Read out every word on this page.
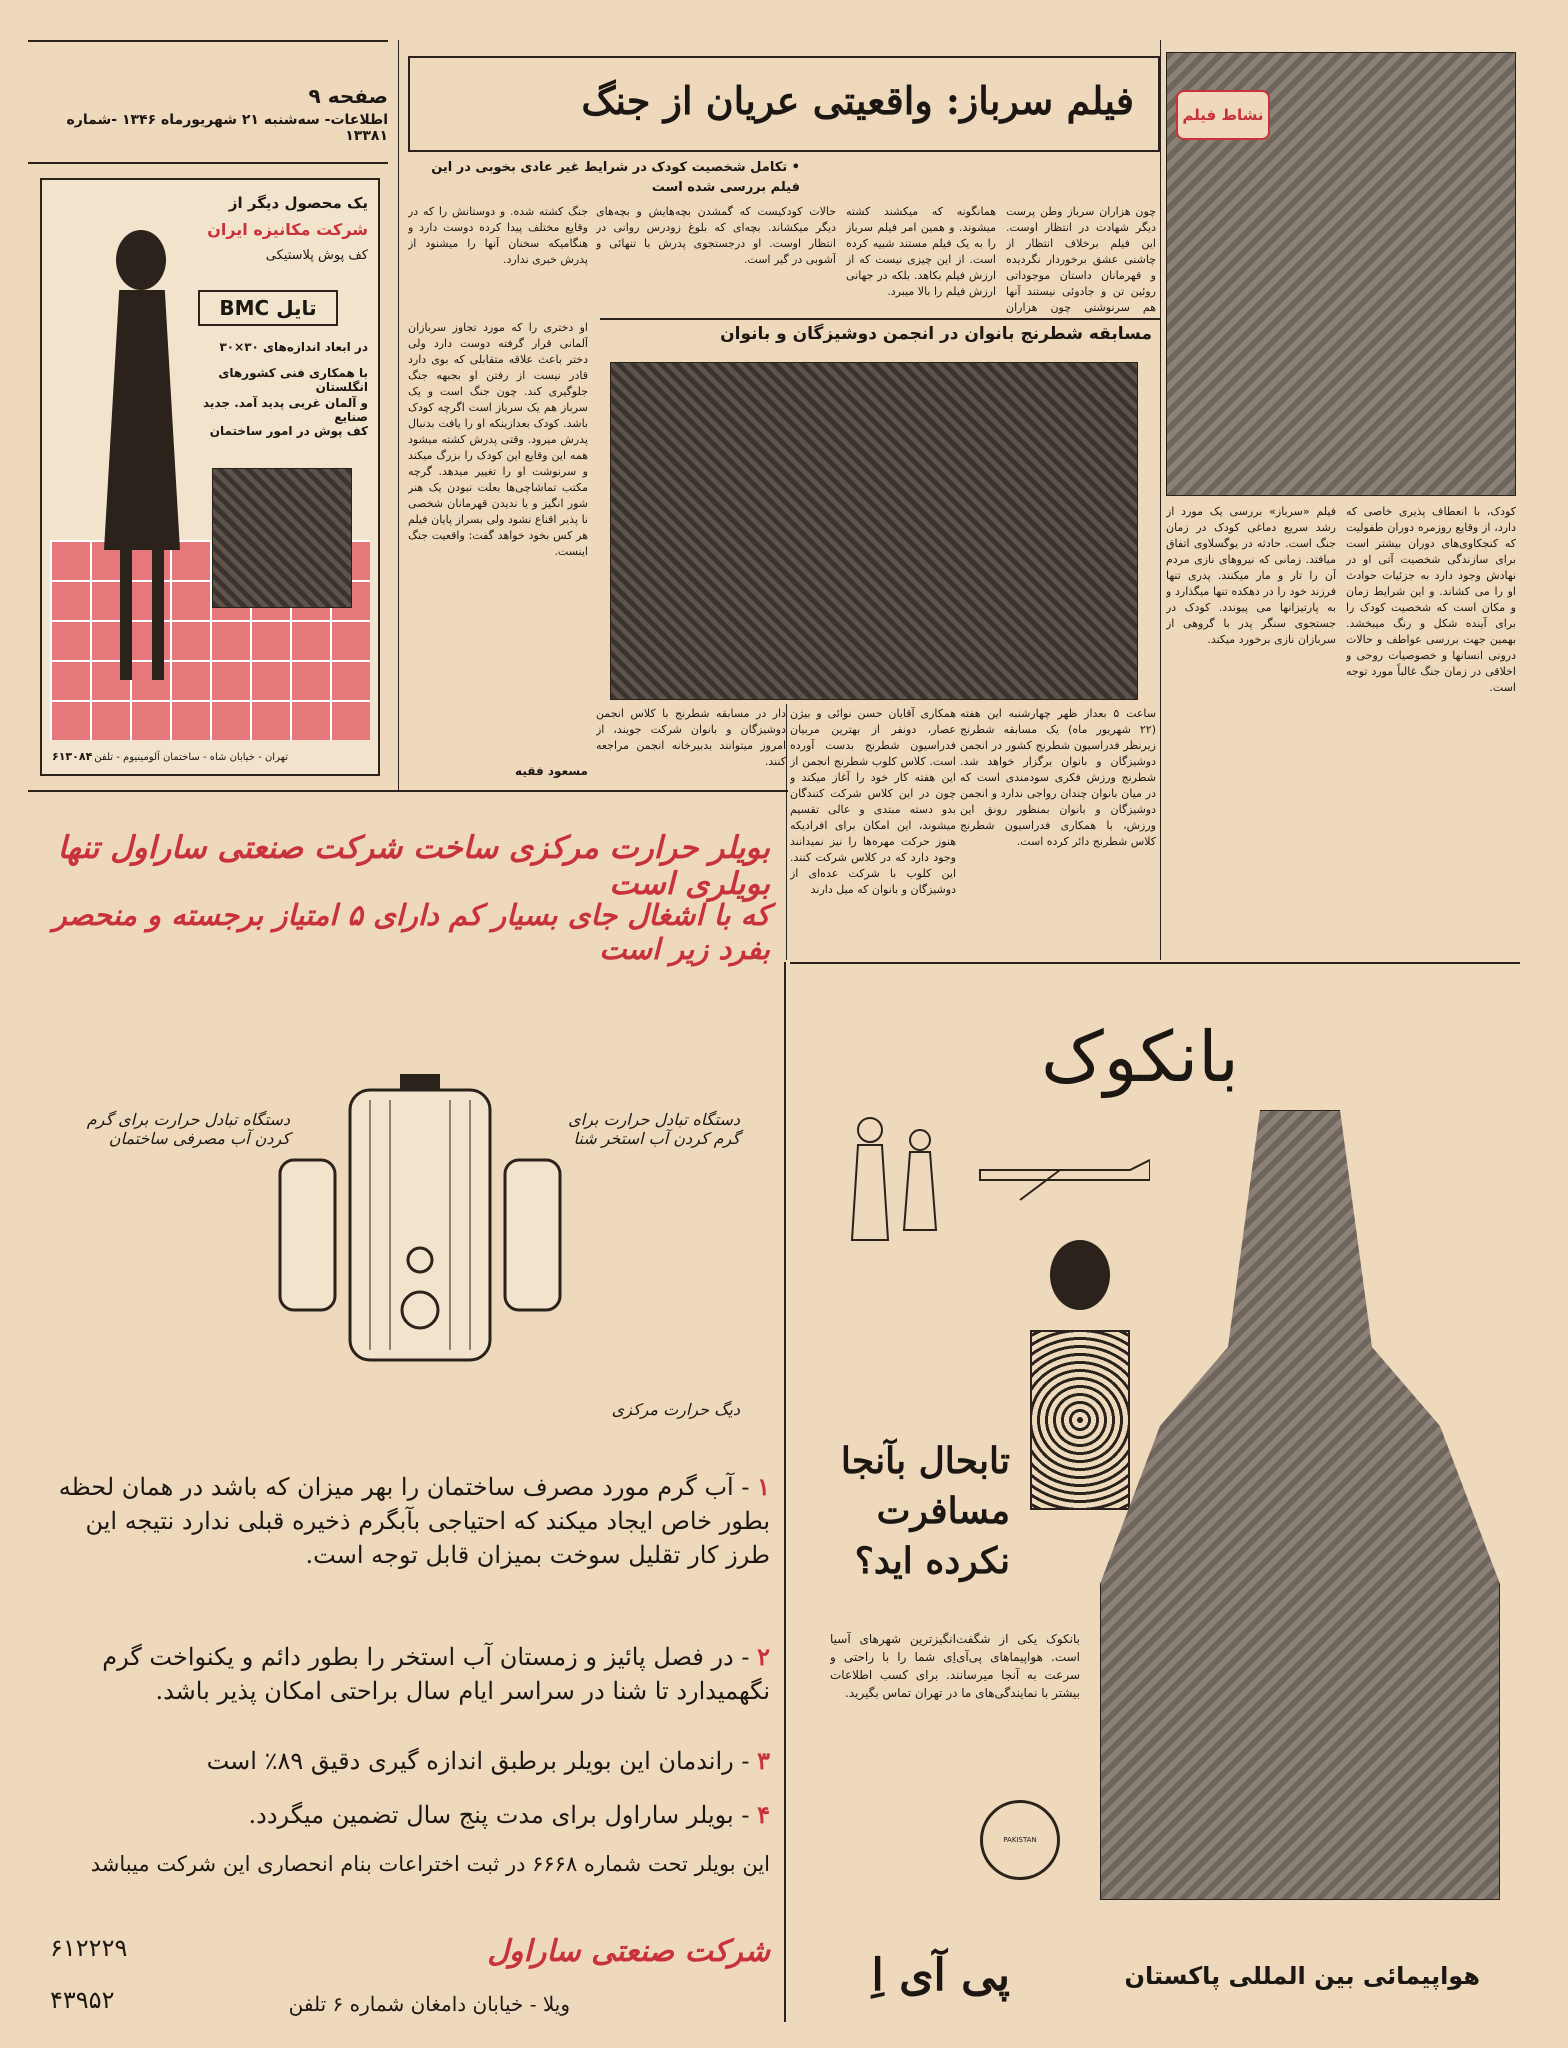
صفحه ۹
اطلاعات- سه‌شنبه ۲۱ شهریورماه ۱۳۴۶ -شماره ۱۳۳۸۱
یک محصول دیگر از
شرکت مکانیزه ایران
کف پوش پلاستیکی
تایل BMC
در ابعاد اندازه‌های ۳۰×۳۰
با همکاری فنی کشورهای انگلستان
و آلمان غربی پدید آمد. جدید صنایع
کف پوش در امور ساختمان
تهران - خیابان شاه - ساختمان آلومینیوم - تلفن
۶۱۳۰۸۴
فیلم سرباز: واقعیتی عریان از جنگ
• تکامل شخصیت کودک در شرایط غیر عادی بخوبی در این فیلم بررسی شده است
چون هزاران سرباز وطن پرست دیگر شهادت در انتظار اوست. این فیلم برخلاف انتظار از چاشنی عشق برخوردار نگردیده و قهرمانان داستان موجوداتی روئین تن و جادوئی نیستند آنها هم سرنوشتی چون هزاران
همانگونه که میکشند کشته میشوند. و همین امر فیلم سرباز را به یک فیلم مستند شبیه کرده است. از این چیزی نیست که از ارزش فیلم بکاهد. بلکه در جهانی ارزش فیلم را بالا میبرد.
حالات کودکیست که گمشدن بچه‌هایش و بچه‌های دیگر میکشاند. بچه‌ای که بلوغ زودرس روانی در انتظار اوست. او درجستجوی پدرش با تنهائی و آشوبی در گیر است.
جنگ کشته شده. و دوستانش را که در وقایع مختلف پیدا کرده دوست دارد و هنگامیکه سخنان آنها را میشنود از پدرش خبری ندارد.
او دختری را که مورد تجاوز سربازان آلمانی قرار گرفته دوست دارد ولی دختر باعث علاقه متقابلی که بوی دارد قادر نیست از رفتن او بجبهه جنگ جلوگیری کند. چون جنگ است و یک سرباز هم یک سرباز است اگرچه کودک باشد. کودک بعدازینکه او را یافت بدنبال پدرش میرود. وقتی پدرش کشته میشود همه این وقایع این کودک را بزرگ میکند و سرنوشت او را تغییر میدهد. گرچه مکتب تماشاچی‌ها بعلت نبودن یک هنر شور انگیز و یا ندیدن قهرمانان شخصی نا پذیر اقناع نشود ولی بسراز پایان فیلم هر کس بخود خواهد گفت: واقعیت جنگ اینست.
مسعود فقیه
نشاط فیلم
فیلم «سرباز» بررسی یک مورد از رشد سریع دماغی کودک در زمان جنگ است. حادثه در یوگسلاوی اتفاق میافتد. زمانی که نیروهای نازی مردم آن را تار و مار میکنند. پدری تنها فرزند خود را در دهکده تنها میگذارد و به پارتیزانها می پیوندد. کودک در جستجوی سنگر پدر با گروهی از سربازان نازی برخورد میکند.
کودک، با انعطاف پذیری خاصی که دارد، از وقایع روزمره دوران طفولیت که کنجکاوی‌های دوران بیشتر است برای سازندگی شخصیت آتی او در نهادش وجود دارد به جزئیات حوادث او را می کشاند. و این شرایط زمان و مکان است که شخصیت کودک را برای آینده شکل و رنگ میبخشد. بهمین جهت بررسی عواطف و حالات درونی انسانها و خصوصیات روحی و اخلاقی در زمان جنگ غالباً مورد توجه است.
مسابقه شطرنج بانوان در انجمن دوشیزگان و بانوان
دار در مسابقه شطرنج با کلاس انجمن دوشیزگان و بانوان شرکت جویند، از امروز میتوانند بدبیرخانه انجمن مراجعه کنند.
ساعت ۵ بعداز ظهر چهارشنبه این هفته (۲۲ شهریور ماه) یک مسابقه شطرنج زیرنظر فدراسیون شطرنج کشور در انجمن دوشیزگان و بانوان برگزار خواهد شد. شطرنج ورزش فکری سودمندی است که در میان بانوان چندان رواجی ندارد و انجمن دوشیزگان و بانوان بمنظور رونق این ورزش، با همکاری فدراسیون شطرنج کلاس شطرنج دائر کرده است.
همکاری آقایان حسن نوائی و بیژن عصار، دونفر از بهترین مربیان فدراسیون شطرنج بدست آورده است. کلاس کلوب شطرنج انجمن از این هفته کار خود را آغاز میکند و چون در این کلاس شرکت کنندگان بدو دسته مبتدی و عالی تقسیم میشوند، این امکان برای افرادیکه هنوز حرکت مهره‌ها را نیز نمیدانند وجود دارد که در کلاس شرکت کنند. این کلوب با شرکت عده‌ای از دوشیزگان و بانوان که میل دارند
بویلر حرارت مرکزی ساخت شرکت صنعتی ساراول تنها بویلری است
که با اشغال جای بسیار کم دارای ۵ امتیاز برجسته و منحصر بفرد زیر است
دستگاه تبادل حرارت برای گرم کردن آب مصرفی ساختمان
دستگاه تبادل حرارت برای گرم کردن آب استخر شنا
دیگ حرارت مرکزی
۱ - آب گرم مورد مصرف ساختمان را بهر میزان که باشد در همان لحظه بطور خاص ایجاد میکند که احتیاجی بآبگرم ذخیره قبلی ندارد نتیجه این طرز کار تقلیل سوخت بمیزان قابل توجه است.
۲ - در فصل پائیز و زمستان آب استخر را بطور دائم و یکنواخت گرم نگهمیدارد تا شنا در سراسر ایام سال براحتی امکان پذیر باشد.
۳ - راندمان این بویلر برطبق اندازه گیری دقیق ۸۹٪ است
۴ - بویلر ساراول برای مدت پنج سال تضمین میگردد.
این بویلر تحت شماره ۶۶۶۸ در ثبت اختراعات بنام انحصاری این شرکت میباشد
شرکت صنعتی ساراول
ویلا - خیابان دامغان شماره ۶ تلفن
۶۱۲۲۲۹
۴۳۹۵۲
بانکوک
تابحال بآنجا
مسافرت
نکرده اید؟
بانکوک یکی از شگفت‌انگیزترین شهرهای آسیا است. هواپیماهای پی‌آی‌اِی شما را با راحتی و سرعت به آنجا میرسانند. برای کسب اطلاعات بیشتر با نمایندگی‌های ما در تهران تماس بگیرید.
PAKISTAN
پی آی اِ	هواپیمائی بین المللی پاکستان
